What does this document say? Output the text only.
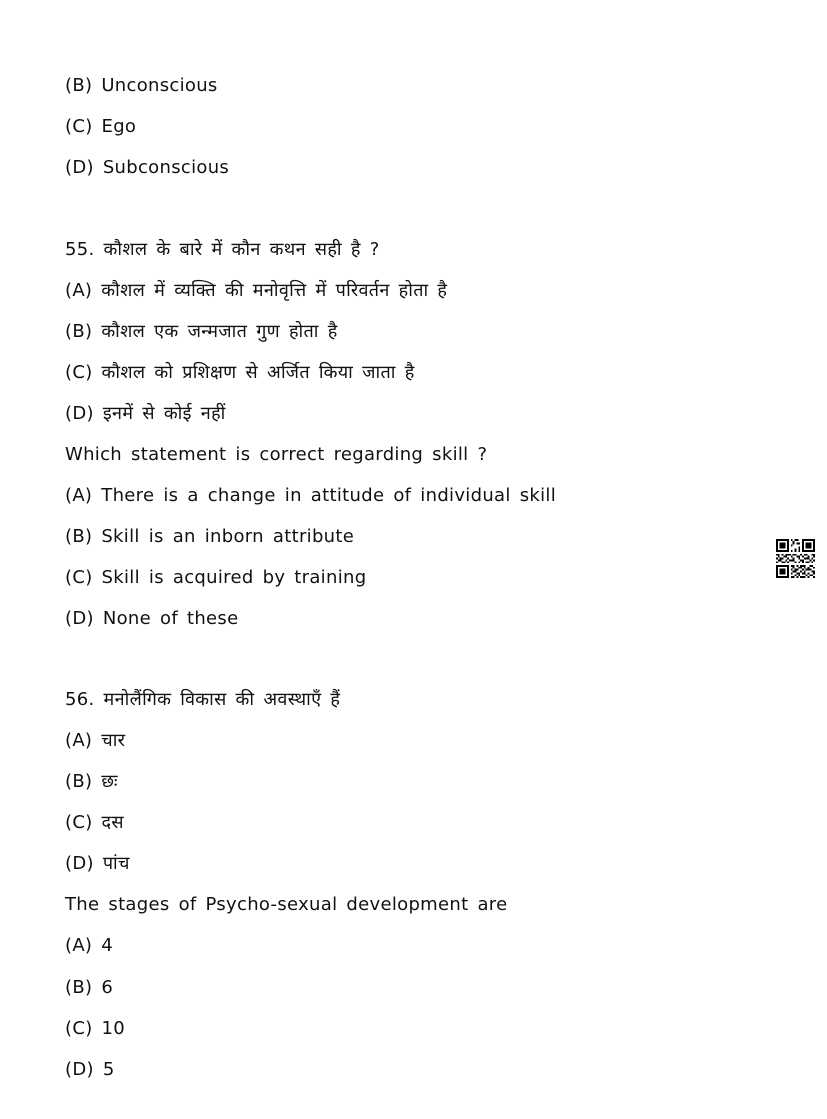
(B) Unconscious
(C) Ego
(D) Subconscious
55. कौशल के बारे में कौन कथन सही है ?
(A) कौशल में व्यक्ति की मनोवृत्ति में परिवर्तन होता है
(B) कौशल एक जन्मजात गुण होता है
(C) कौशल को प्रशिक्षण से अर्जित किया जाता है
(D) इनमें से कोई नहीं
Which statement is correct regarding skill ?
(A) There is a change in attitude of individual skill
(B) Skill is an inborn attribute
(C) Skill is acquired by training
(D) None of these
56. मनोलैंगिक विकास की अवस्थाएँ हैं
(A) चार
(B) छः
(C) दस
(D) पांच
The stages of Psycho-sexual development are
(A) 4
(B) 6
(C) 10
(D) 5
